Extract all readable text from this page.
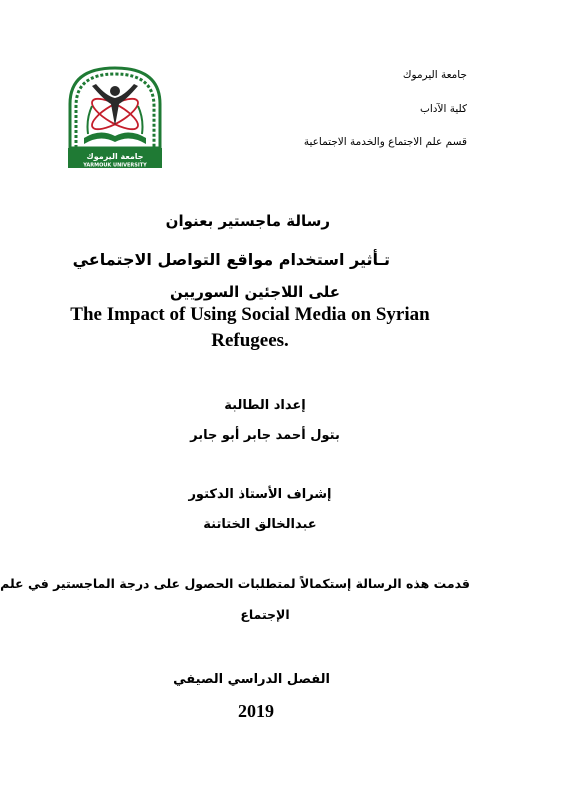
جامعة اليرموك
YARMOUK UNIVERSITY
جامعة اليرموك
كلية الآداب
قسم علم الاجتماع والخدمة الاجتماعية
رسالة ماجستير بعنوان
تـأثير استخدام مواقع التواصل الاجتماعي
على اللاجئين السوريين
The Impact of Using Social Media on Syrian
Refugees.
إعداد الطالبة
بتول أحمد جابر أبو جابر
إشراف الأستاذ الدكتور
عبدالخالق الختاتنة
قدمت هذه الرسالة إستكمالاً لمتطلبات الحصول على درجة الماجستير في علم
الإجتماع
الفصل الدراسي الصيفي
2019
